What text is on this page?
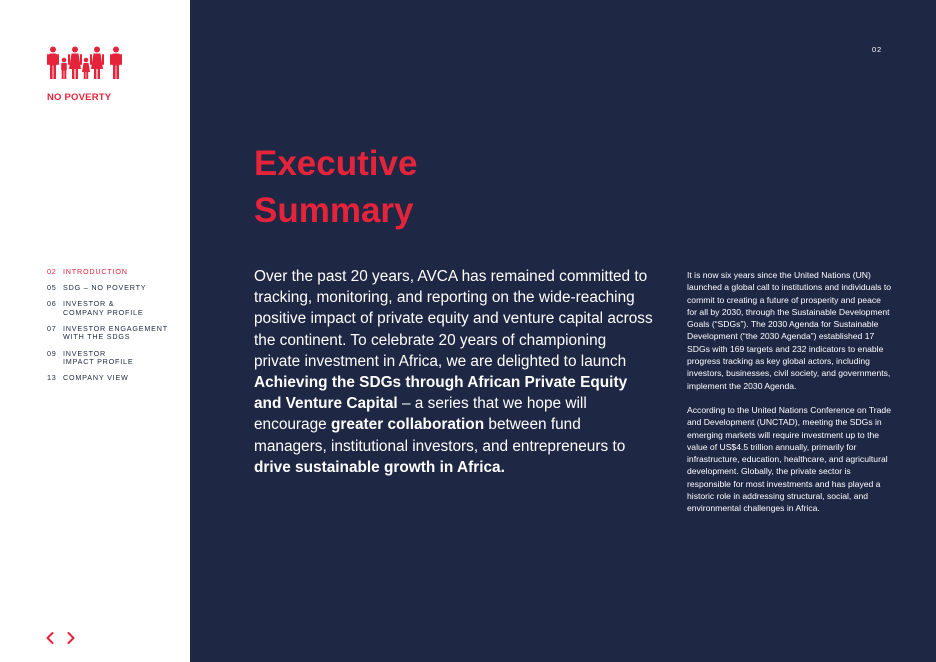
NO POVERTY
02 INTRODUCTION
05 SDG – NO POVERTY
06 INVESTOR &
COMPANY PROFILE
07 INVESTOR ENGAGEMENT
WITH THE SDGS
09 INVESTOR
IMPACT PROFILE
13 COMPANY VIEW
02
Executive
Summary

Over the past 20 years, AVCA has remained committed to tracking, monitoring, and reporting on the wide-reaching positive impact of private equity and venture capital across the continent. To celebrate 20 years of championing private investment in Africa, we are delighted to launch Achieving the SDGs through African Private Equity and Venture Capital – a series that we hope will encourage greater collaboration between fund managers, institutional investors, and entrepreneurs to drive sustainable growth in Africa.

It is now six years since the United Nations (UN) launched a global call to institutions and individuals to commit to creating a future of prosperity and peace for all by 2030, through the Sustainable Development Goals (“SDGs”). The 2030 Agenda for Sustainable Development (“the 2030 Agenda”) established 17 SDGs with 169 targets and 232 indicators to enable progress tracking as key global actors, including investors, businesses, civil society, and governments, implement the 2030 Agenda.

According to the United Nations Conference on Trade and Development (UNCTAD), meeting the SDGs in emerging markets will require investment up to the value of US$4.5 trillion annually, primarily for infrastructure, education, healthcare, and agricultural development. Globally, the private sector is responsible for most investments and has played a historic role in addressing structural, social, and environmental challenges in Africa.
